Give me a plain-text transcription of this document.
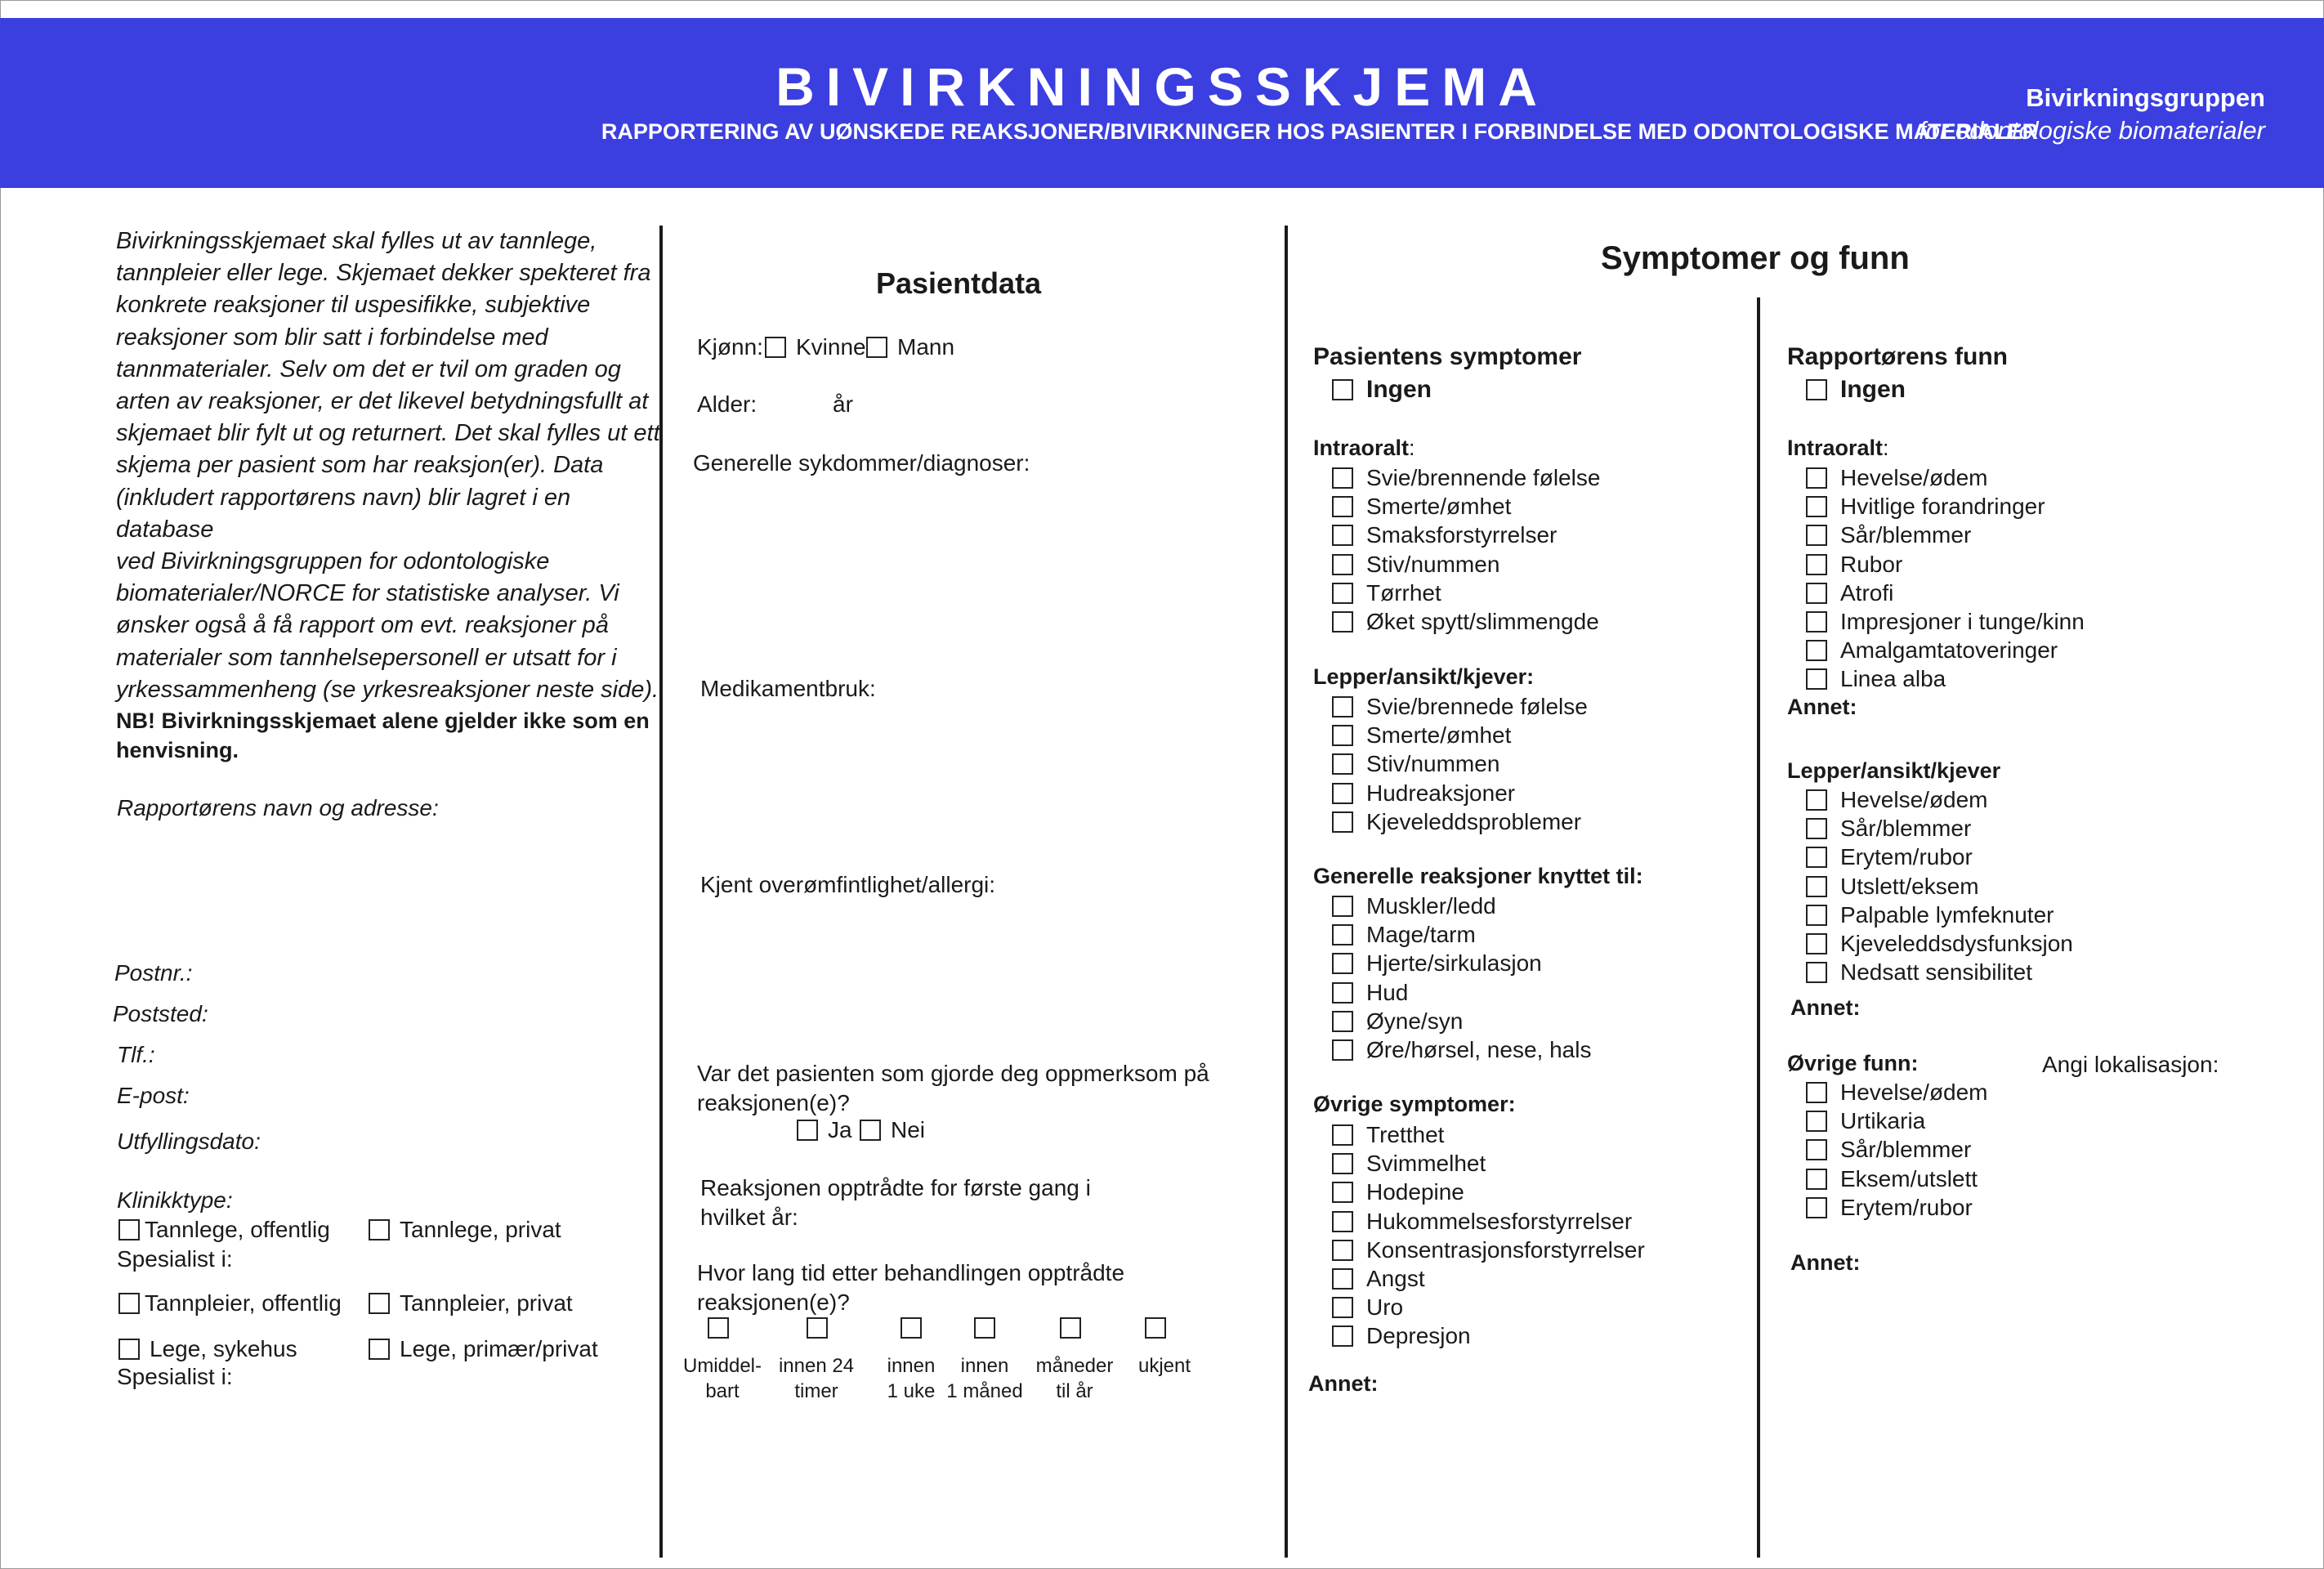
BIVIRKNINGSSKJEMA
RAPPORTERING AV UØNSKEDE REAKSJONER/BIVIRKNINGER HOS PASIENTER I FORBINDELSE MED ODONTOLOGISKE MATERIALER
Bivirkningsgruppen
for odontologiske biomaterialer
Bivirkningsskjemaet skal fylles ut av tannlege,
tannpleier eller lege. Skjemaet dekker spekteret fra
konkrete reaksjoner til uspesifikke, subjektive
reaksjoner som blir satt i forbindelse med
tannmaterialer. Selv om det er tvil om graden og
arten av reaksjoner, er det likevel betydningsfullt at
skjemaet blir fylt ut og returnert. Det skal fylles ut ett
skjema per pasient som har reaksjon(er). Data
(inkludert rapportørens navn) blir lagret i en database
ved Bivirkningsgruppen for odontologiske
biomaterialer/NORCE for statistiske analyser. Vi
ønsker også å få rapport om evt. reaksjoner på
materialer som tannhelsepersonell er utsatt for i
yrkessammenheng (se yrkesreaksjoner neste side).
NB! Bivirkningsskjemaet alene gjelder ikke som en
henvisning.
Rapportørens navn og adresse:
Postnr.:
Poststed:
Tlf.:
E-post:
Utfyllingsdato:
Klinikktype:
Tannlege, offentlig	Tannlege, privat
Spesialist i:
Tannpleier, offentlig	Tannpleier, privat
Lege, sykehus	Lege, primær/privat
Spesialist i:
Pasientdata
Kjønn: Kvinne Mann
Alder:	år
Generelle sykdommer/diagnoser:
Medikamentbruk:
Kjent overømfintlighet/allergi:
Var det pasienten som gjorde deg oppmerksom på
reaksjonen(e)?
Ja Nei
Reaksjonen opptrådte for første gang i
hvilket år:
Hvor lang tid etter behandlingen opptrådte
reaksjonen(e)?
Umiddel-
bart
innen 24
timer
innen
1 uke
innen
1 måned
måneder
til år
ukjent
Symptomer og funn
Pasientens symptomer
Ingen
Intraoralt:
Svie/brennende følelse
Smerte/ømhet
Smaksforstyrrelser
Stiv/nummen
Tørrhet
Øket spytt/slimmengde
Lepper/ansikt/kjever:
Svie/brennede følelse
Smerte/ømhet
Stiv/nummen
Hudreaksjoner
Kjeveleddsproblemer
Generelle reaksjoner knyttet til:
Muskler/ledd
Mage/tarm
Hjerte/sirkulasjon
Hud
Øyne/syn
Øre/hørsel, nese, hals
Øvrige symptomer:
Tretthet
Svimmelhet
Hodepine
Hukommelsesforstyrrelser
Konsentrasjonsforstyrrelser
Angst
Uro
Depresjon
Annet:
Rapportørens funn
Ingen
Intraoralt:
Hevelse/ødem
Hvitlige forandringer
Sår/blemmer
Rubor
Atrofi
Impresjoner i tunge/kinn
Amalgamtatoveringer
Linea alba
Annet:
Lepper/ansikt/kjever
Hevelse/ødem
Sår/blemmer
Erytem/rubor
Utslett/eksem
Palpable lymfeknuter
Kjeveleddsdysfunksjon
Nedsatt sensibilitet
Annet:
Øvrige funn:	Angi lokalisasjon:
Hevelse/ødem
Urtikaria
Sår/blemmer
Eksem/utslett
Erytem/rubor
Annet:
